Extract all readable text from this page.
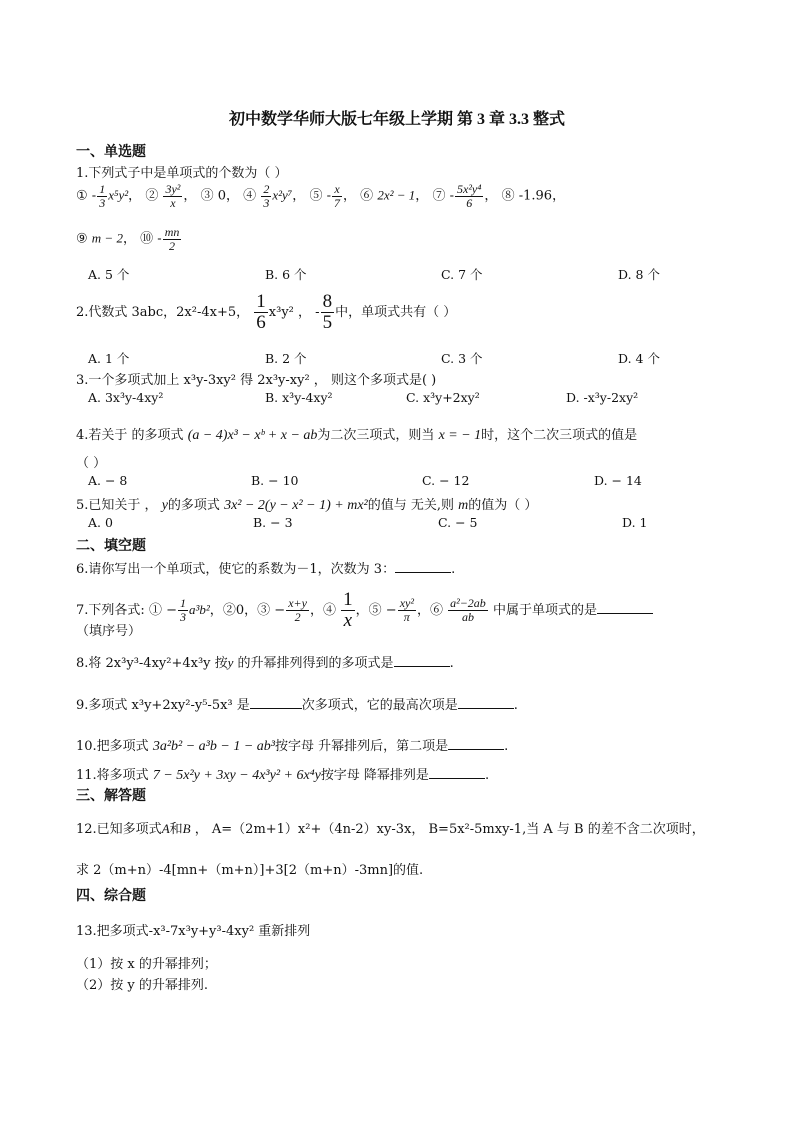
初中数学华师大版七年级上学期 第 3 章 3.3 整式
一、单选题
1.下列式子中是单项式的个数为（ ）
① - $\frac{1}{3} x^5y^2$， ② $\frac{\text{3y²}}{x}$ ， ③ 0， ④ $\frac{2}{3} x^2y^7$， ⑤ - $\frac{x}{7}$ ， ⑥ 2x² − 1， ⑦ - $\frac{\text{5x²y⁴}}{6}$ ， ⑧ -1.96，
⑨ m − 2， ⑩ - $\frac{mn}{2}$
A. 5 个	B. 6 个	C. 7 个	D. 8 个
2.代数式 3abc，2x²-4x+5， $\frac{1}{6} x^3y^2$ ， - $\frac{8}{5}$ 中，单项式共有（ ）
A. 1 个	B. 2 个	C. 3 个	D. 4 个
3.一个多项式加上 x³y-3xy² 得 2x³y-xy² ， 则这个多项式是( )
A. 3x³y-4xy²	B. x³y-4xy²	C. x³y+2xy²	D. -x³y-2xy²
4.若关于 的多项式 (a − 4)x³ − xᵇ + x − ab为二次三项式，则当 x = − 1时，这个二次三项式的值是
（ ）
A. − 8	B. − 10	C. − 12	D. − 14
5.已知关于 ， y的多项式 3x² − 2(y − x² − 1) + mx²的值与 无关,则 m的值为（ ）
A. 0	B. − 3	C. − 5	D. 1
二、填空题
6.请你写出一个单项式，使它的系数为－1，次数为 3：	.
7.下列各式: ① − $\frac{1}{3} a^3b^2$，②0，③ − $\frac{x+y}{2}$ ，④ $\frac{1}{x}$ ，⑤ − $\frac{\text{xy²}}{\pi}$ ，⑥ $\frac{\text{a²−2ab}}{ab}$ 中属于单项式的是
（填序号）
8.将 2x³y³-4xy²+4x³y 按y 的升幂排列得到的多项式是	.
9.多项式 x³y+2xy²-y⁵-5x³ 是	次多项式，它的最高次项是	.
10.把多项式 3a²b² − a³b − 1 − ab³按字母 升幂排列后，第二项是	.
11.将多项式 7 − 5x²y + 3xy − 4x³y² + 6x⁴y按字母 降幂排列是	.
三、解答题
12.已知多项式A和B ， A=（2m+1）x²+（4n-2）xy-3x， B=5x²-5mxy-1,当 A 与 B 的差不含二次项时，
求 2（m+n）-4[mn+（m+n）]+3[2（m+n）-3mn]的值.
四、综合题
13.把多项式-x³-7x³y+y³-4xy² 重新排列
（1）按 x 的升幂排列；
（2）按 y 的升幂排列.
